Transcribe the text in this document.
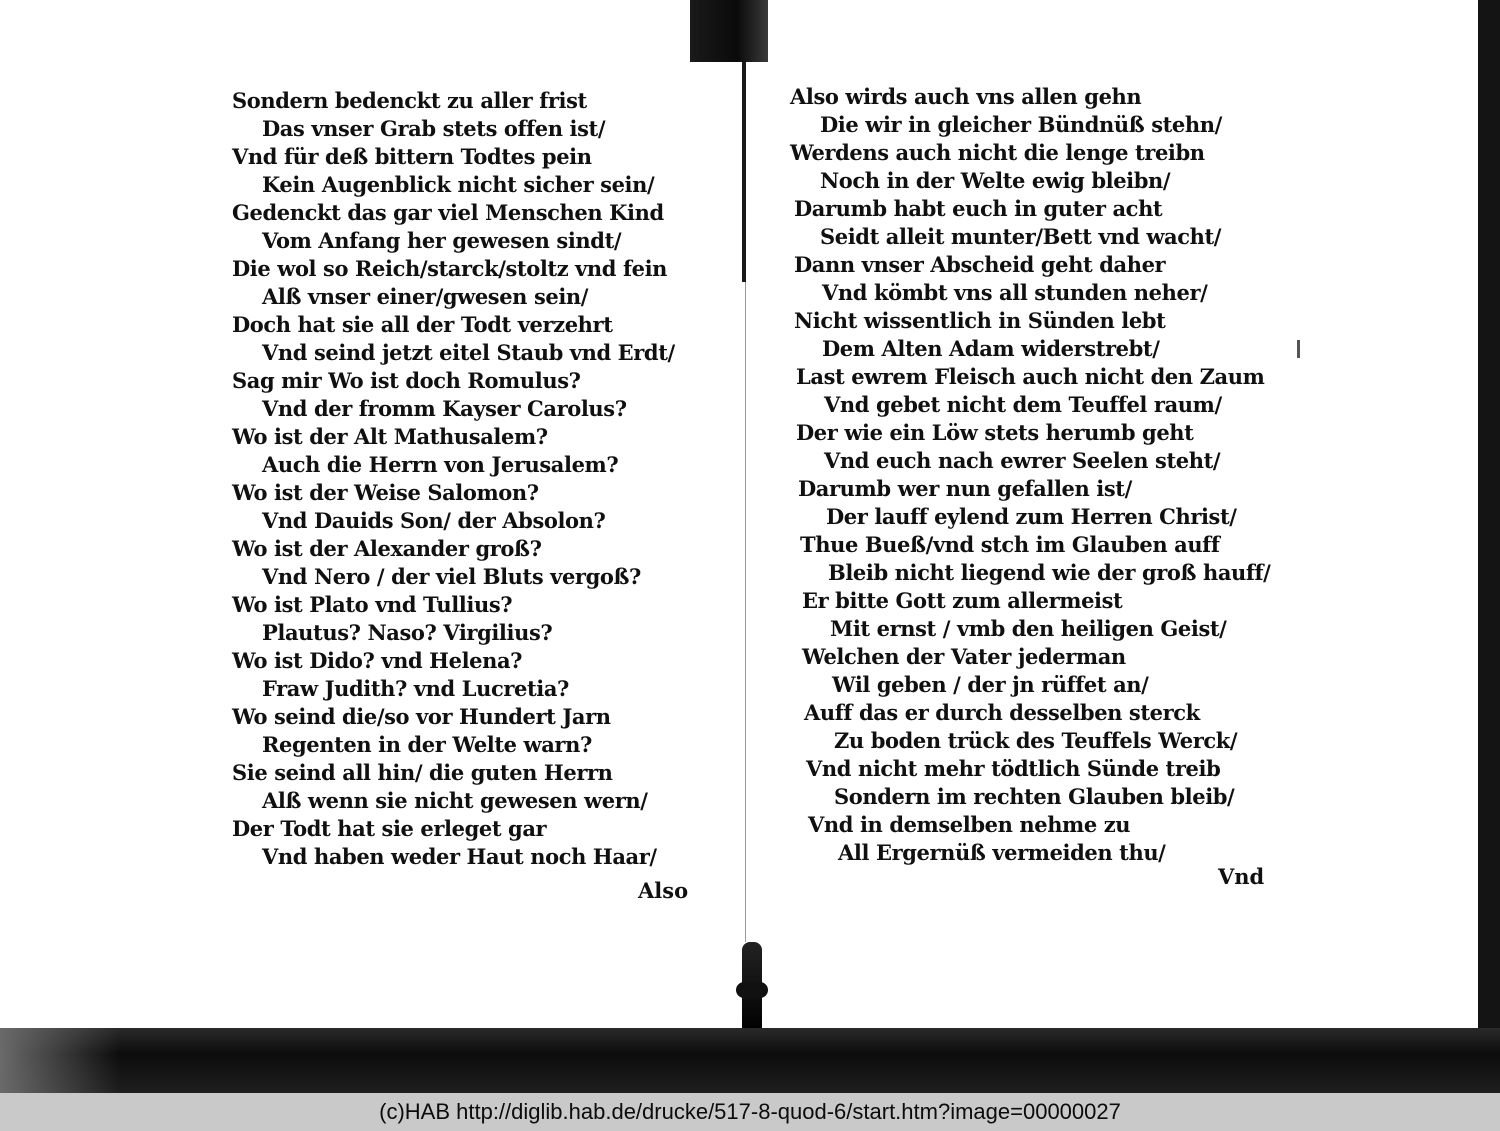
Sondern bedenckt zu aller frist
Das vnser Grab stets offen ist/
Vnd für deß bittern Todtes pein
Kein Augenblick nicht sicher sein/
Gedenckt das gar viel Menschen Kind
Vom Anfang her gewesen sindt/
Die wol so Reich/starck/stoltz vnd fein
Alß vnser einer/gwesen sein/
Doch hat sie all der Todt verzehrt
Vnd seind jetzt eitel Staub vnd Erdt/
Sag mir Wo ist doch Romulus?
Vnd der fromm Kayser Carolus?
Wo ist der Alt Mathusalem?
Auch die Herrn von Jerusalem?
Wo ist der Weise Salomon?
Vnd Dauids Son/ der Absolon?
Wo ist der Alexander groß?
Vnd Nero / der viel Bluts vergoß?
Wo ist Plato vnd Tullius?
Plautus? Naso? Virgilius?
Wo ist Dido? vnd Helena?
Fraw Judith? vnd Lucretia?
Wo seind die/so vor Hundert Jarn
Regenten in der Welte warn?
Sie seind all hin/ die guten Herrn
Alß wenn sie nicht gewesen wern/
Der Todt hat sie erleget gar
Vnd haben weder Haut noch Haar/
Also
Also wirds auch vns allen gehn
Die wir in gleicher Bündnüß stehn/
Werdens auch nicht die lenge treibn
Noch in der Welte ewig bleibn/
Darumb habt euch in guter acht
Seidt alleit munter/Bett vnd wacht/
Dann vnser Abscheid geht daher
Vnd kömbt vns all stunden neher/
Nicht wissentlich in Sünden lebt
Dem Alten Adam widerstrebt/
Last ewrem Fleisch auch nicht den Zaum
Vnd gebet nicht dem Teuffel raum/
Der wie ein Löw stets herumb geht
Vnd euch nach ewrer Seelen steht/
Darumb wer nun gefallen ist/
Der lauff eylend zum Herren Christ/
Thue Bueß/vnd stch im Glauben auff
Bleib nicht liegend wie der groß hauff/
Er bitte Gott zum allermeist
Mit ernst / vmb den heiligen Geist/
Welchen der Vater jederman
Wil geben / der jn rüffet an/
Auff das er durch desselben sterck
Zu boden trück des Teuffels Werck/
Vnd nicht mehr tödtlich Sünde treib
Sondern im rechten Glauben bleib/
Vnd in demselben nehme zu
All Ergernüß vermeiden thu/
Vnd
(c)HAB http://diglib.hab.de/drucke/517-8-quod-6/start.htm?image=00000027
